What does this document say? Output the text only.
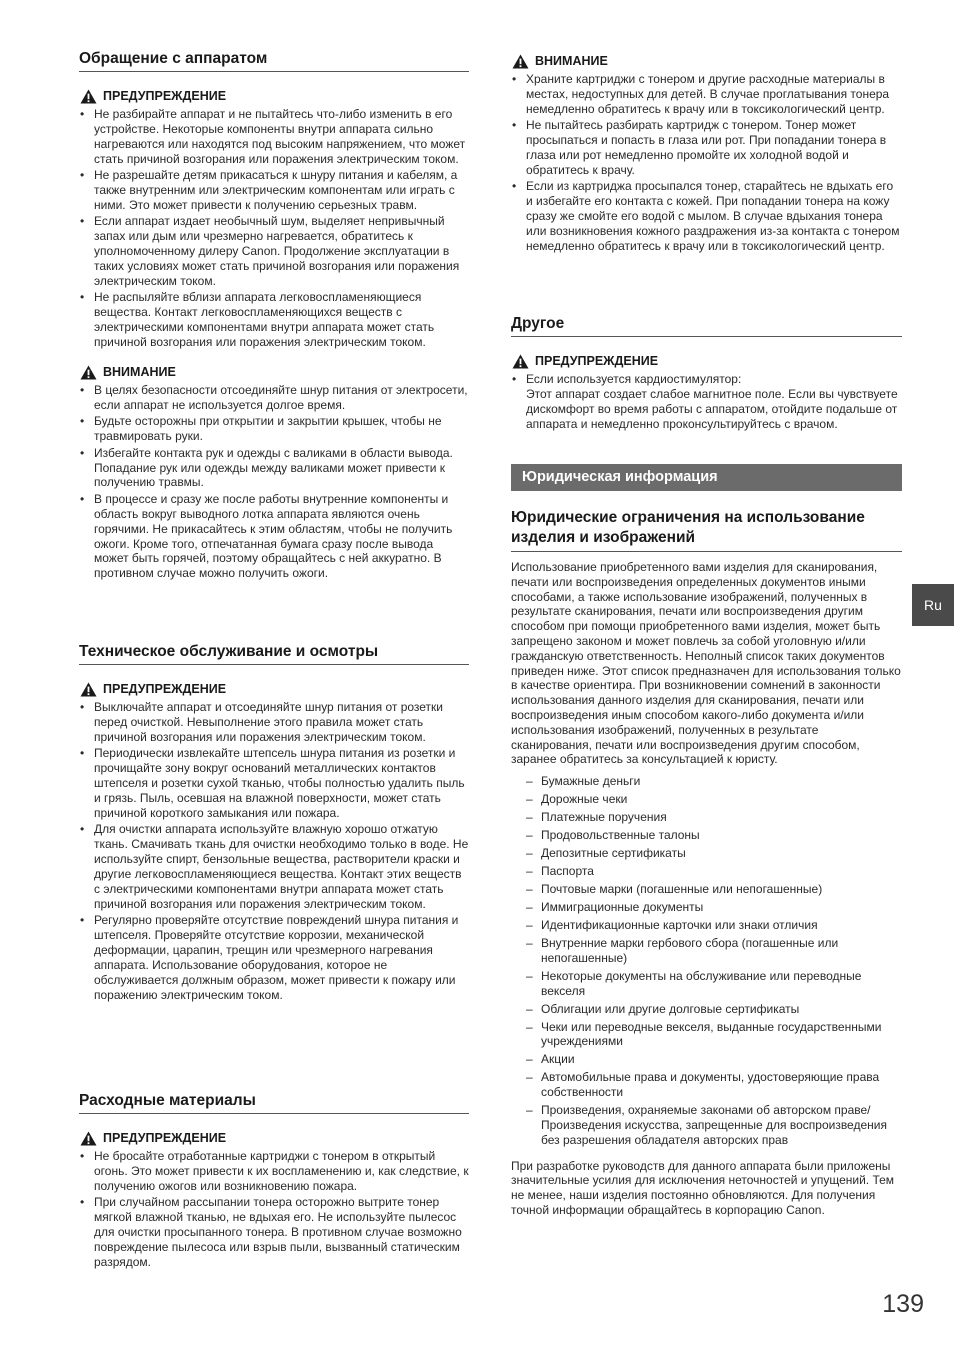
Обращение с аппаратом
ПРЕДУПРЕЖДЕНИЕ
• Не разбирайте аппарат и не пытайтесь что-либо изменить в его устройстве. Некоторые компоненты внутри аппарата сильно нагреваются или находятся под высоким напряжением, что может стать причиной возгорания или поражения электрическим током.
• Не разрешайте детям прикасаться к шнуру питания и кабелям, а также внутренним или электрическим компонентам или играть с ними. Это может привести к получению серьезных травм.
• Если аппарат издает необычный шум, выделяет непривычный запах или дым или чрезмерно нагревается, обратитесь к уполномоченному дилеру Canon. Продолжение эксплуатации в таких условиях может стать причиной возгорания или поражения электрическим током.
• Не распыляйте вблизи аппарата легковоспламеняющиеся вещества. Контакт легковоспламеняющихся веществ с электрическими компонентами внутри аппарата может стать причиной возгорания или поражения электрическим током.
ВНИМАНИЕ
• В целях безопасности отсоединяйте шнур питания от электросети, если аппарат не используется долгое время.
• Будьте осторожны при открытии и закрытии крышек, чтобы не травмировать руки.
• Избегайте контакта рук и одежды с валиками в области вывода. Попадание рук или одежды между валиками может привести к получению травмы.
• В процессе и сразу же после работы внутренние компоненты и область вокруг выводного лотка аппарата являются очень горячими. Не прикасайтесь к этим областям, чтобы не получить ожоги. Кроме того, отпечатанная бумага сразу после вывода может быть горячей, поэтому обращайтесь с ней аккуратно. В противном случае можно получить ожоги.
Техническое обслуживание и осмотры
ПРЕДУПРЕЖДЕНИЕ
• Выключайте аппарат и отсоединяйте шнур питания от розетки перед очисткой. Невыполнение этого правила может стать причиной возгорания или поражения электрическим током.
• Периодически извлекайте штепсель шнура питания из розетки и прочищайте зону вокруг оснований металлических контактов штепселя и розетки сухой тканью, чтобы полностью удалить пыль и грязь. Пыль, осевшая на влажной поверхности, может стать причиной короткого замыкания или пожара.
• Для очистки аппарата используйте влажную хорошо отжатую ткань. Смачивать ткань для очистки необходимо только в воде. Не используйте спирт, бензольные вещества, растворители краски и другие легковоспламеняющиеся вещества. Контакт этих веществ с электрическими компонентами внутри аппарата может стать причиной возгорания или поражения электрическим током.
• Регулярно проверяйте отсутствие повреждений шнура питания и штепселя. Проверяйте отсутствие коррозии, механической деформации, царапин, трещин или чрезмерного нагревания аппарата. Использование оборудования, которое не обслуживается должным образом, может привести к пожару или поражению электрическим током.
Расходные материалы
ПРЕДУПРЕЖДЕНИЕ
• Не бросайте отработанные картриджи с тонером в открытый огонь. Это может привести к их воспламенению и, как следствие, к получению ожогов или возникновению пожара.
• При случайном рассыпании тонера осторожно вытрите тонер мягкой влажной тканью, не вдыхая его. Не используйте пылесос для очистки просыпанного тонера. В противном случае возможно повреждение пылесоса или взрыв пыли, вызванный статическим разрядом.
ВНИМАНИЕ
• Храните картриджи с тонером и другие расходные материалы в местах, недоступных для детей. В случае проглатывания тонера немедленно обратитесь к врачу или в токсикологический центр.
• Не пытайтесь разбирать картридж с тонером. Тонер может просыпаться и попасть в глаза или рот. При попадании тонера в глаза или рот немедленно промойте их холодной водой и обратитесь к врачу.
• Если из картриджа просыпался тонер, старайтесь не вдыхать его и избегайте его контакта с кожей. При попадании тонера на кожу сразу же смойте его водой с мылом. В случае вдыхания тонера или возникновения кожного раздражения из-за контакта с тонером немедленно обратитесь к врачу или в токсикологический центр.
Другое
ПРЕДУПРЕЖДЕНИЕ
• Если используется кардиостимулятор:
Этот аппарат создает слабое магнитное поле. Если вы чувствуете дискомфорт во время работы с аппаратом, отойдите подальше от аппарата и немедленно проконсультируйтесь с врачом.
Юридическая информация
Юридические ограничения на использование изделия и изображений

Использование приобретенного вами изделия для сканирования, печати или воспроизведения определенных документов иными способами, а также использование изображений, полученных в результате сканирования, печати или воспроизведения другим способом при помощи приобретенного вами изделия, может быть запрещено законом и может повлечь за собой уголовную и/или гражданскую ответственность. Неполный список таких документов приведен ниже. Этот список предназначен для использования только в качестве ориентира. При возникновении сомнений в законности использования данного изделия для сканирования, печати или воспроизведения иным способом какого-либо документа и/или использования изображений, полученных в результате сканирования, печати или воспроизведения другим способом, заранее обратитесь за консультацией к юристу.

– Бумажные деньги
– Дорожные чеки
– Платежные поручения
– Продовольственные талоны
– Депозитные сертификаты
– Паспорта
– Почтовые марки (погашенные или непогашенные)
– Иммиграционные документы
– Идентификационные карточки или знаки отличия
– Внутренние марки гербового сбора (погашенные или непогашенные)
– Некоторые документы на обслуживание или переводные векселя
– Облигации или другие долговые сертификаты
– Чеки или переводные векселя, выданные государственными учреждениями
– Акции
– Автомобильные права и документы, удостоверяющие права собственности
– Произведения, охраняемые законами об авторском праве/ Произведения искусства, запрещенные для воспроизведения без разрешения обладателя авторских прав

При разработке руководств для данного аппарата были приложены значительные усилия для исключения неточностей и упущений. Тем не менее, наши изделия постоянно обновляются. Для получения точной информации обращайтесь в корпорацию Canon.

Ru
139
